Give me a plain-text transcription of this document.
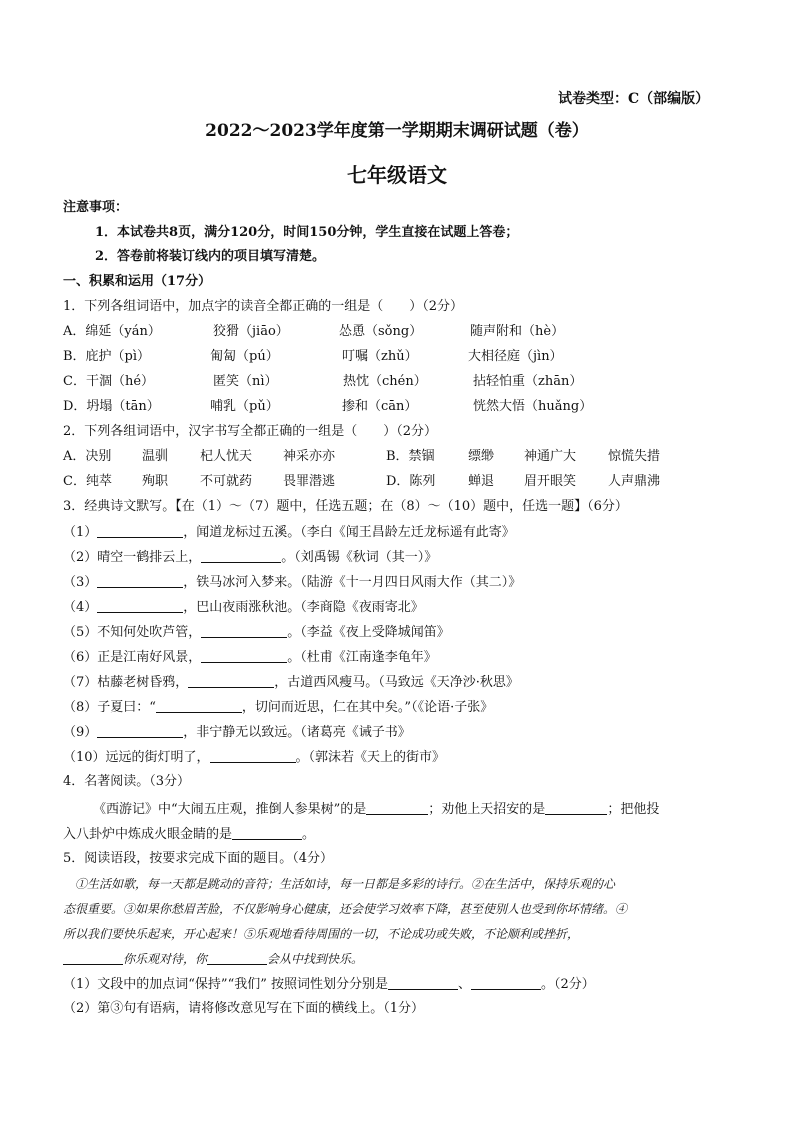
试卷类型：C（部编版）
2022～2023学年度第一学期期末调研试题（卷）
七年级语文
注意事项：
1．本试卷共8页，满分120分，时间150分钟，学生直接在试题上答卷；
2．答卷前将装订线内的项目填写清楚。
一、积累和运用（17分）
1．下列各组词语中，加点字的读音全都正确的一组是（　　）（2分）
A．绵延（yán）	狡猾（jiāo）	怂恿（sǒng）	随声附和（hè）
B．庇护（pì）	匍匐（pú）	叮嘱（zhǔ）	大相径庭（jìn）
C．干涸（hé）	匿笑（nì）	热忱（chén）	拈轻怕重（zhān）
D．坍塌（tān）	哺乳（pǔ）	掺和（cān）	恍然大悟（huǎng）
2．下列各组词语中，汉字书写全都正确的一组是（　　）（2分）
A．决别 温驯 杞人忧天 神采亦亦	B．禁锢	缥缈 神通广大 惊慌失措
C．纯萃 殉职 不可就药 畏罪潜逃	D．陈列	蝉退 眉开眼笑 人声鼎沸
3．经典诗文默写。【在（1）～（7）题中，任选五题；在（8）～（10）题中，任选一题】（6分）
（1）	，闻道龙标过五溪。（李白《闻王昌龄左迁龙标遥有此寄》
（2）晴空一鹤排云上，	。（刘禹锡《秋词（其一）》
（3）	，铁马冰河入梦来。（陆游《十一月四日风雨大作（其二）》
（4）	，巴山夜雨涨秋池。（李商隐《夜雨寄北》
（5）不知何处吹芦管，	。（李益《夜上受降城闻笛》
（6）正是江南好风景，	。（杜甫《江南逢李龟年》
（7）枯藤老树昏鸦，	，古道西风瘦马。（马致远《天净沙·秋思》
（8）子夏曰：“	，切问而近思，仁在其中矣。”（《论语·子张》
（9）	，非宁静无以致远。（诸葛亮《诫子书》
（10）远远的街灯明了，	。（郭沫若《天上的街市》
4．名著阅读。（3分）
《西游记》中“大闹五庄观，推倒人参果树”的是	；劝他上天招安的是	；把他投
入八卦炉中炼成火眼金睛的是	。
5．阅读语段，按要求完成下面的题目。（4分）
①生活如歌，每一天都是跳动的音符；生活如诗，每一日都是多彩的诗行。②在生活中，保持乐观的心
态很重要。③如果你愁眉苦脸，不仅影响身心健康，还会使学习效率下降，甚至使别人也受到你坏情绪。④
所以我们要快乐起来，开心起来！⑤乐观地看待周围的一切，不论成功或失败，不论顺利或挫折，
你乐观对待，你	会从中找到快乐。
（1）文段中的加点词“保持”“我们” 按照词性划分分别是	、	。（2分）
（2）第③句有语病，请将修改意见写在下面的横线上。（1分）
